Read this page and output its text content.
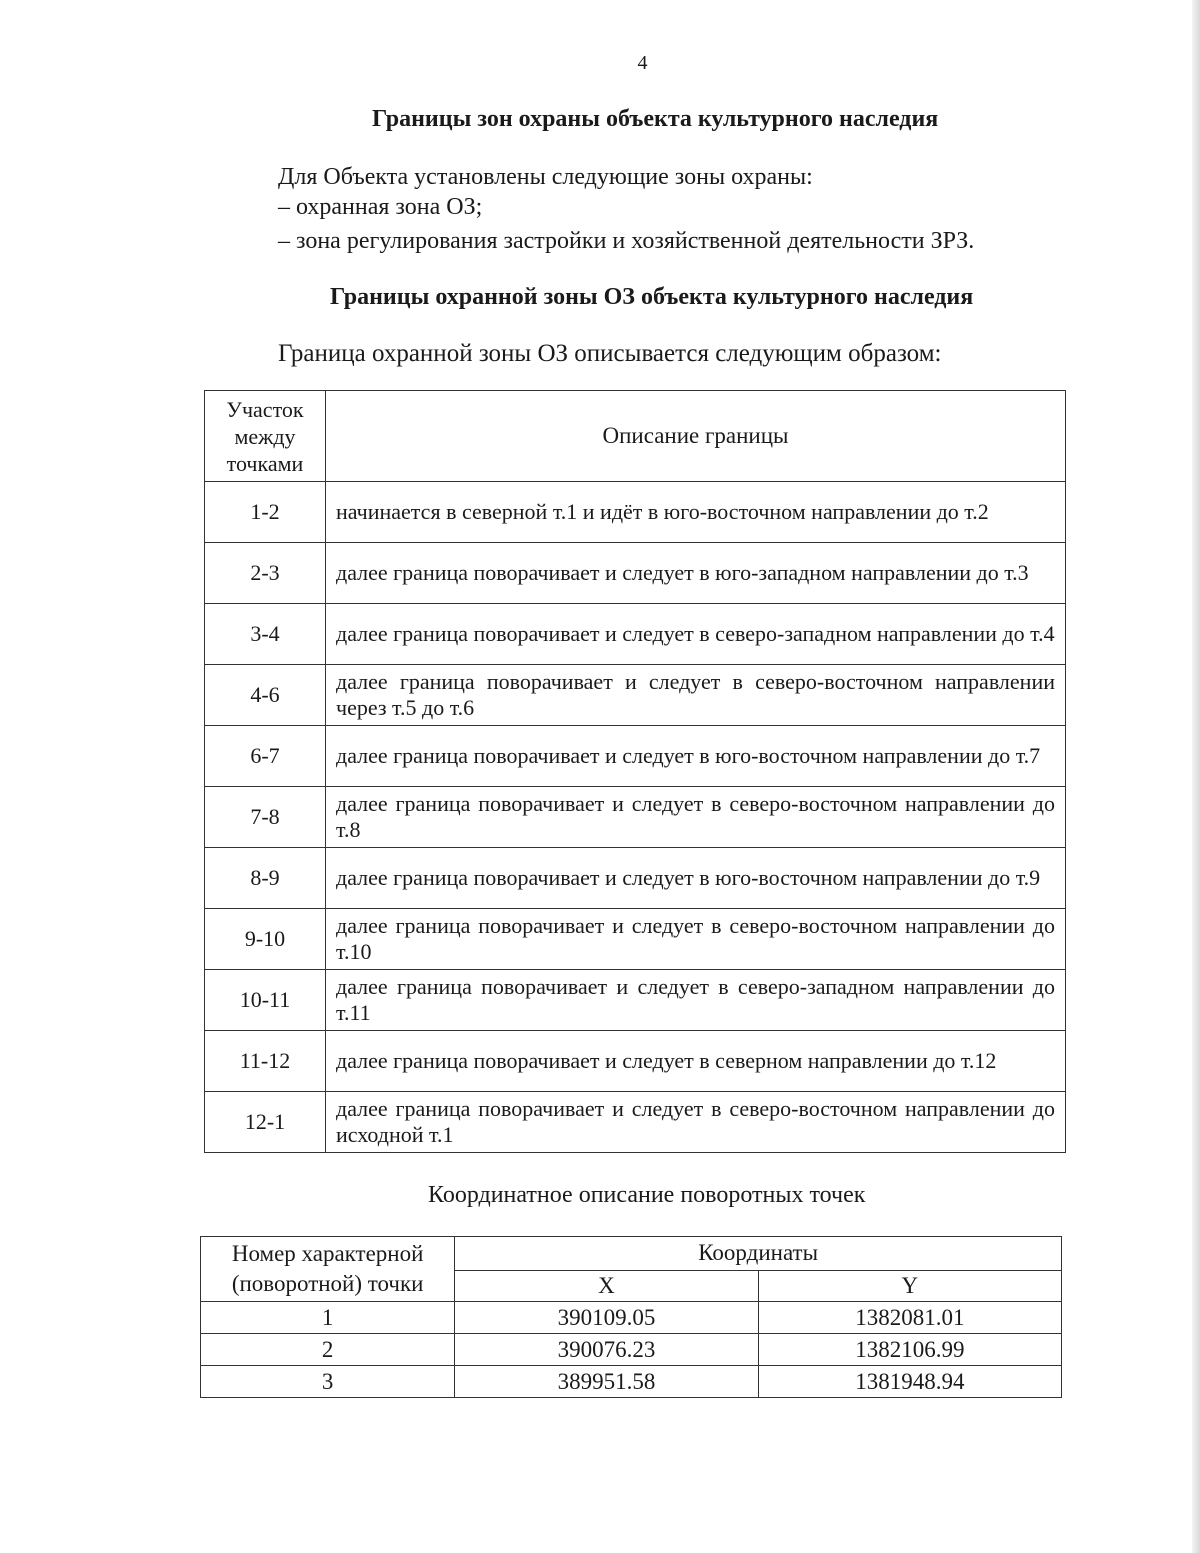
4
Границы зон охраны объекта культурного наследия
Для Объекта установлены следующие зоны охраны:
– охранная зона ОЗ;
– зона регулирования застройки и хозяйственной деятельности ЗРЗ.
Границы охранной зоны ОЗ объекта культурного наследия
Граница охранной зоны ОЗ описывается следующим образом:
Участок
между
точками	Описание границы
1-2	начинается в северной т.1 и идёт в юго-восточном направлении до т.2
2-3	далее граница поворачивает и следует в юго-западном направлении до т.3
3-4	далее граница поворачивает и следует в северо-западном направлении до т.4
4-6	далее граница поворачивает и следует в северо-восточном направлении через т.5 до т.6
6-7	далее граница поворачивает и следует в юго-восточном направлении до т.7
7-8	далее граница поворачивает и следует в северо-восточном направлении до т.8
8-9	далее граница поворачивает и следует в юго-восточном направлении до т.9
9-10	далее граница поворачивает и следует в северо-восточном направлении до т.10
10-11	далее граница поворачивает и следует в северо-западном направлении до т.11
11-12	далее граница поворачивает и следует в северном направлении до т.12
12-1	далее граница поворачивает и следует в северо-восточном направлении до исходной т.1
Координатное описание поворотных точек
Номер характерной
(поворотной) точки	Координаты	
	X	Y
1	390109.05	1382081.01
2	390076.23	1382106.99
3	389951.58	1381948.94
